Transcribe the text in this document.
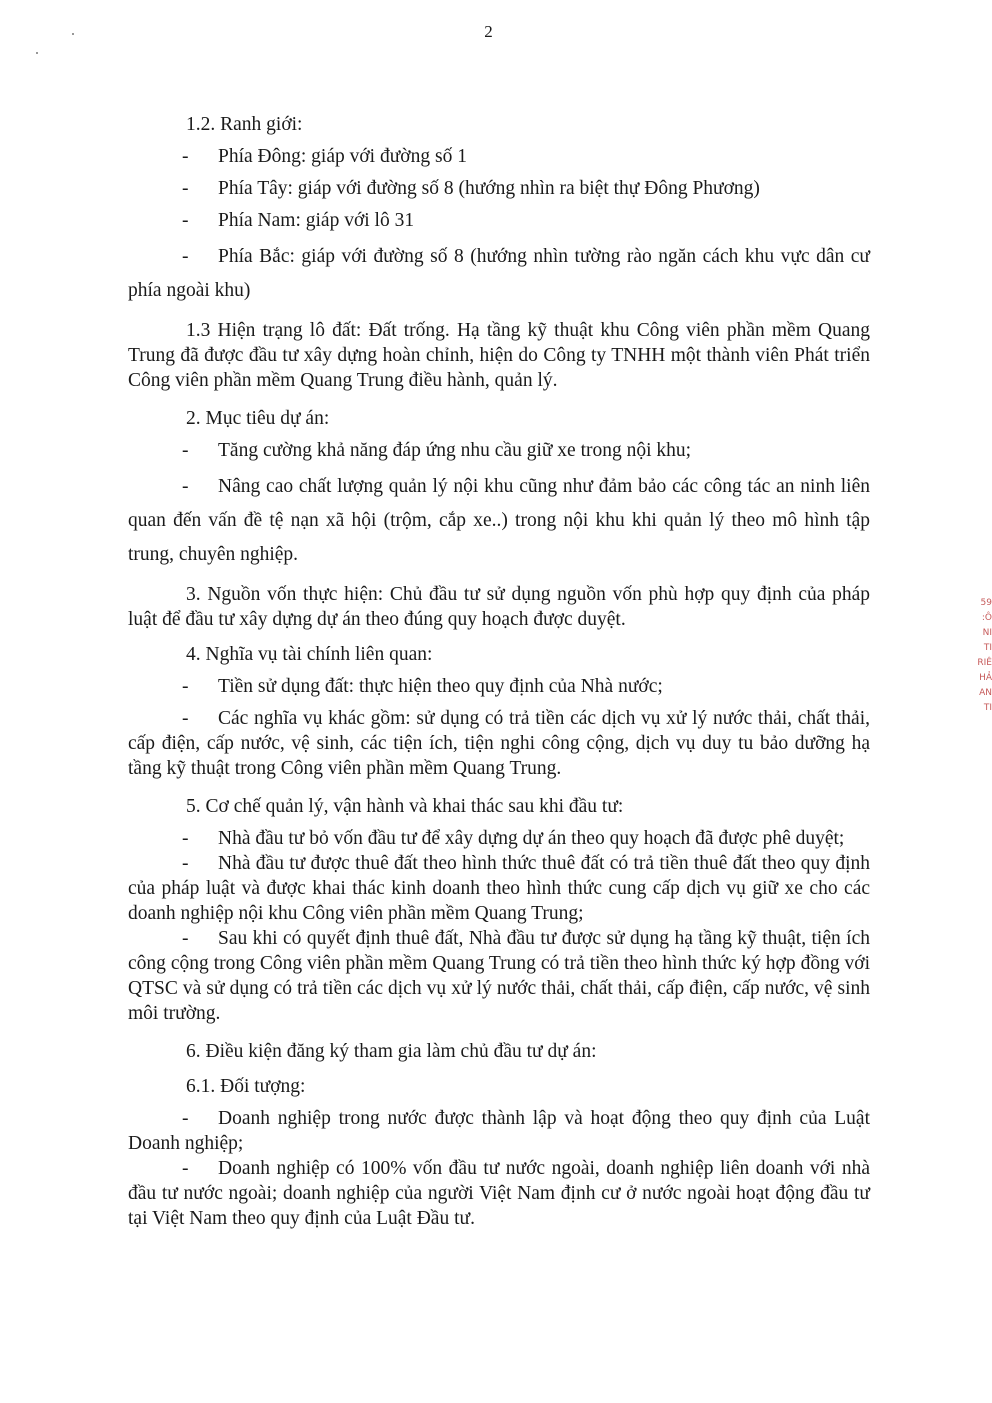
2

1.2. Ranh giới:

- Phía Đông: giáp với đường số 1

- Phía Tây: giáp với đường số 8 (hướng nhìn ra biệt thự Đông Phương)

- Phía Nam: giáp với lô 31

- Phía Bắc: giáp với đường số 8 (hướng nhìn tường rào ngăn cách khu vực dân cư phía ngoài khu)

1.3 Hiện trạng lô đất: Đất trống. Hạ tầng kỹ thuật khu Công viên phần mềm Quang Trung đã được đầu tư xây dựng hoàn chỉnh, hiện do Công ty TNHH một thành viên Phát triển Công viên phần mềm Quang Trung điều hành, quản lý.

2. Mục tiêu dự án:

- Tăng cường khả năng đáp ứng nhu cầu giữ xe trong nội khu;

- Nâng cao chất lượng quản lý nội khu cũng như đảm bảo các công tác an ninh liên quan đến vấn đề tệ nạn xã hội (trộm, cắp xe..) trong nội khu khi quản lý theo mô hình tập trung, chuyên nghiệp.

3. Nguồn vốn thực hiện: Chủ đầu tư sử dụng nguồn vốn phù hợp quy định của pháp luật để đầu tư xây dựng dự án theo đúng quy hoạch được duyệt.

4. Nghĩa vụ tài chính liên quan:

- Tiền sử dụng đất: thực hiện theo quy định của Nhà nước;

- Các nghĩa vụ khác gồm: sử dụng có trả tiền các dịch vụ xử lý nước thải, chất thải, cấp điện, cấp nước, vệ sinh, các tiện ích, tiện nghi công cộng, dịch vụ duy tu bảo dưỡng hạ tầng kỹ thuật trong Công viên phần mềm Quang Trung.

5. Cơ chế quản lý, vận hành và khai thác sau khi đầu tư:

- Nhà đầu tư bỏ vốn đầu tư để xây dựng dự án theo quy hoạch đã được phê duyệt;

- Nhà đầu tư được thuê đất theo hình thức thuê đất có trả tiền thuê đất theo quy định của pháp luật và được khai thác kinh doanh theo hình thức cung cấp dịch vụ giữ xe cho các doanh nghiệp nội khu Công viên phần mềm Quang Trung;

- Sau khi có quyết định thuê đất, Nhà đầu tư được sử dụng hạ tầng kỹ thuật, tiện ích công cộng trong Công viên phần mềm Quang Trung có trả tiền theo hình thức ký hợp đồng với QTSC và sử dụng có trả tiền các dịch vụ xử lý nước thải, chất thải, cấp điện, cấp nước, vệ sinh môi trường.

6. Điều kiện đăng ký tham gia làm chủ đầu tư dự án:

6.1. Đối tượng:

- Doanh nghiệp trong nước được thành lập và hoạt động theo quy định của Luật Doanh nghiệp;

- Doanh nghiệp có 100% vốn đầu tư nước ngoài, doanh nghiệp liên doanh với nhà đầu tư nước ngoài; doanh nghiệp của người Việt Nam định cư ở nước ngoài hoạt động đầu tư tại Việt Nam theo quy định của Luật Đầu tư.

59
:Ô
NI
TI
RIÊ
HẢ
AN
TI
